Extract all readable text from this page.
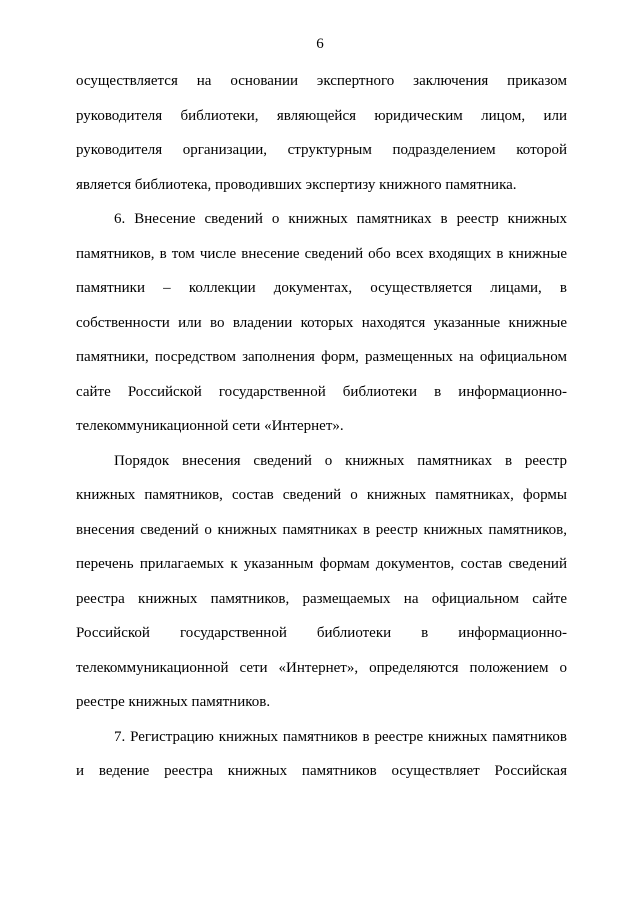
6

осуществляется на основании экспертного заключения приказом
руководителя библиотеки, являющейся юридическим лицом, или
руководителя организации, структурным подразделением которой
является библиотека, проводивших экспертизу книжного памятника.

6. Внесение сведений о книжных памятниках в реестр книжных
памятников, в том числе внесение сведений обо всех входящих в книжные
памятники – коллекции документах, осуществляется лицами, в
собственности или во владении которых находятся указанные книжные
памятники, посредством заполнения форм, размещенных на официальном
сайте Российской государственной библиотеки в информационно-
телекоммуникационной сети «Интернет».

Порядок внесения сведений о книжных памятниках в реестр
книжных памятников, состав сведений о книжных памятниках, формы
внесения сведений о книжных памятниках в реестр книжных памятников,
перечень прилагаемых к указанным формам документов, состав сведений
реестра книжных памятников, размещаемых на официальном сайте
Российской государственной библиотеки в информационно-
телекоммуникационной сети «Интернет», определяются положением о
реестре книжных памятников.

7. Регистрацию книжных памятников в реестре книжных памятников
и ведение реестра книжных памятников осуществляет Российская
